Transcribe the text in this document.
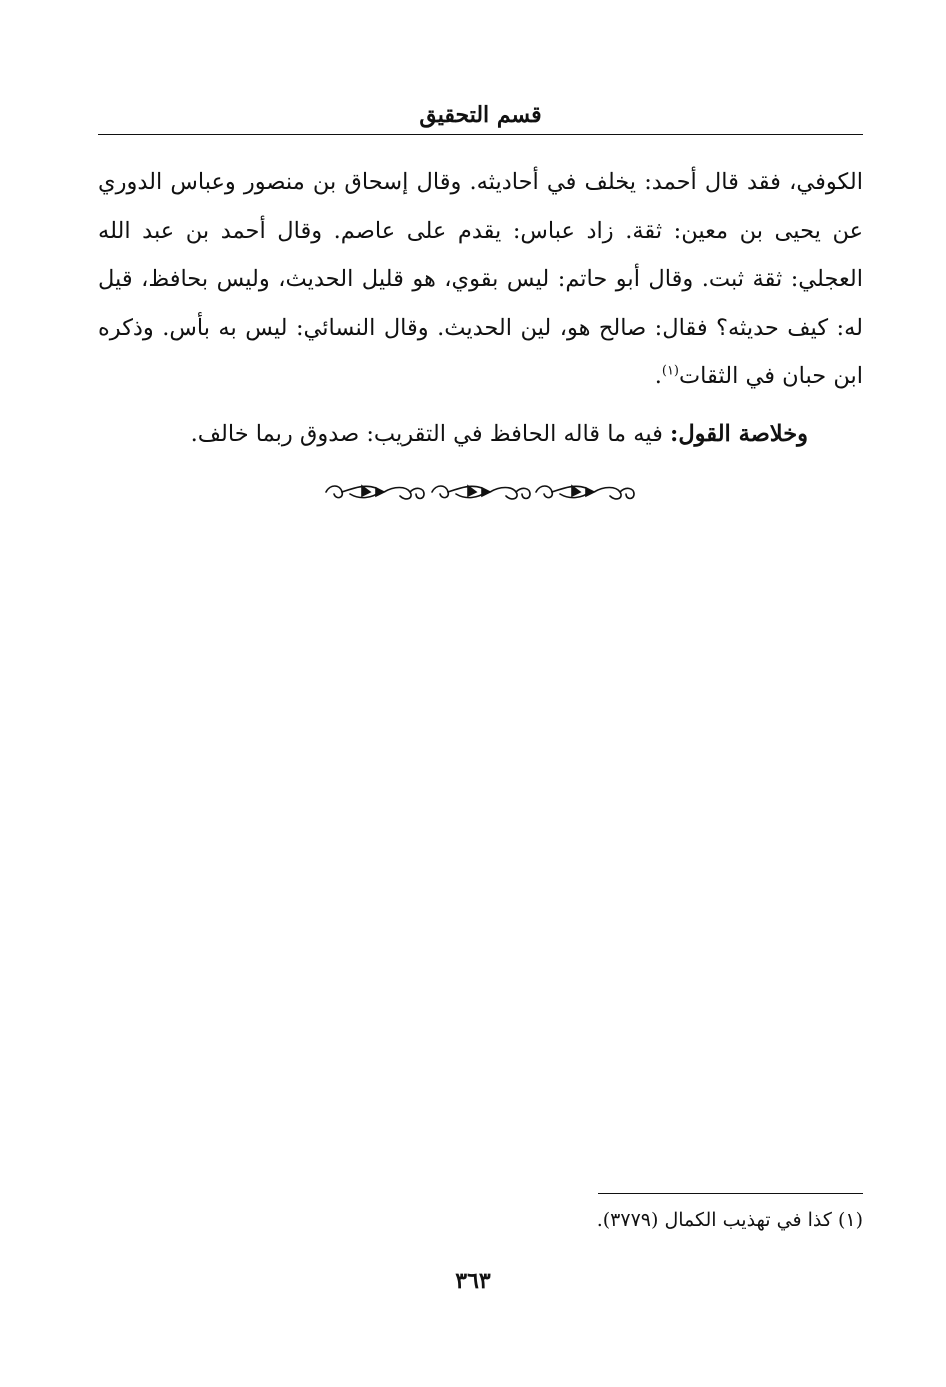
قسم التحقيق

الكوفي، فقد قال أحمد: يخلف في أحاديثه. وقال إسحاق بن منصور وعباس الدوري عن يحيى بن معين: ثقة. زاد عباس: يقدم على عاصم. وقال أحمد بن عبد الله العجلي: ثقة ثبت. وقال أبو حاتم: ليس بقوي، هو قليل الحديث، وليس بحافظ، قيل له: كيف حديثه؟ فقال: صالح هو، لين الحديث. وقال النسائي: ليس به بأس. وذكره ابن حبان في الثقات$^{(١)}$.

وخلاصة القول: فيه ما قاله الحافظ في التقريب: صدوق ربما خالف.

(١) كذا في تهذيب الكمال (٣٧٧٩).

٣٦٣
